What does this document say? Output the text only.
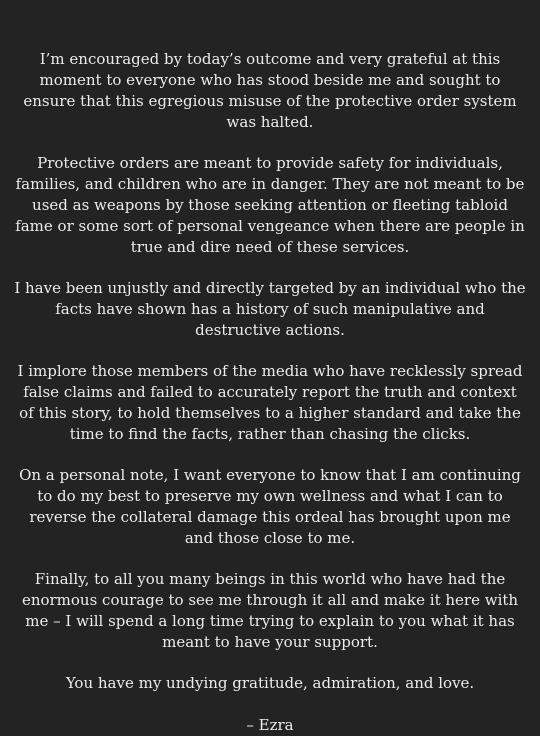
I’m encouraged by today’s outcome and very grateful at this moment to everyone who has stood beside me and sought to ensure that this egregious misuse of the protective order system was halted.

Protective orders are meant to provide safety for individuals, families, and children who are in danger. They are not meant to be used as weapons by those seeking attention or fleeting tabloid fame or some sort of personal vengeance when there are people in true and dire need of these services.

I have been unjustly and directly targeted by an individual who the facts have shown has a history of such manipulative and destructive actions.

I implore those members of the media who have recklessly spread false claims and failed to accurately report the truth and context of this story, to hold themselves to a higher standard and take the time to find the facts, rather than chasing the clicks.

On a personal note, I want everyone to know that I am continuing to do my best to preserve my own wellness and what I can to reverse the collateral damage this ordeal has brought upon me and those close to me.

Finally, to all you many beings in this world who have had the enormous courage to see me through it all and make it here with me – I will spend a long time trying to explain to you what it has meant to have your support.

You have my undying gratitude, admiration, and love.

– Ezra
